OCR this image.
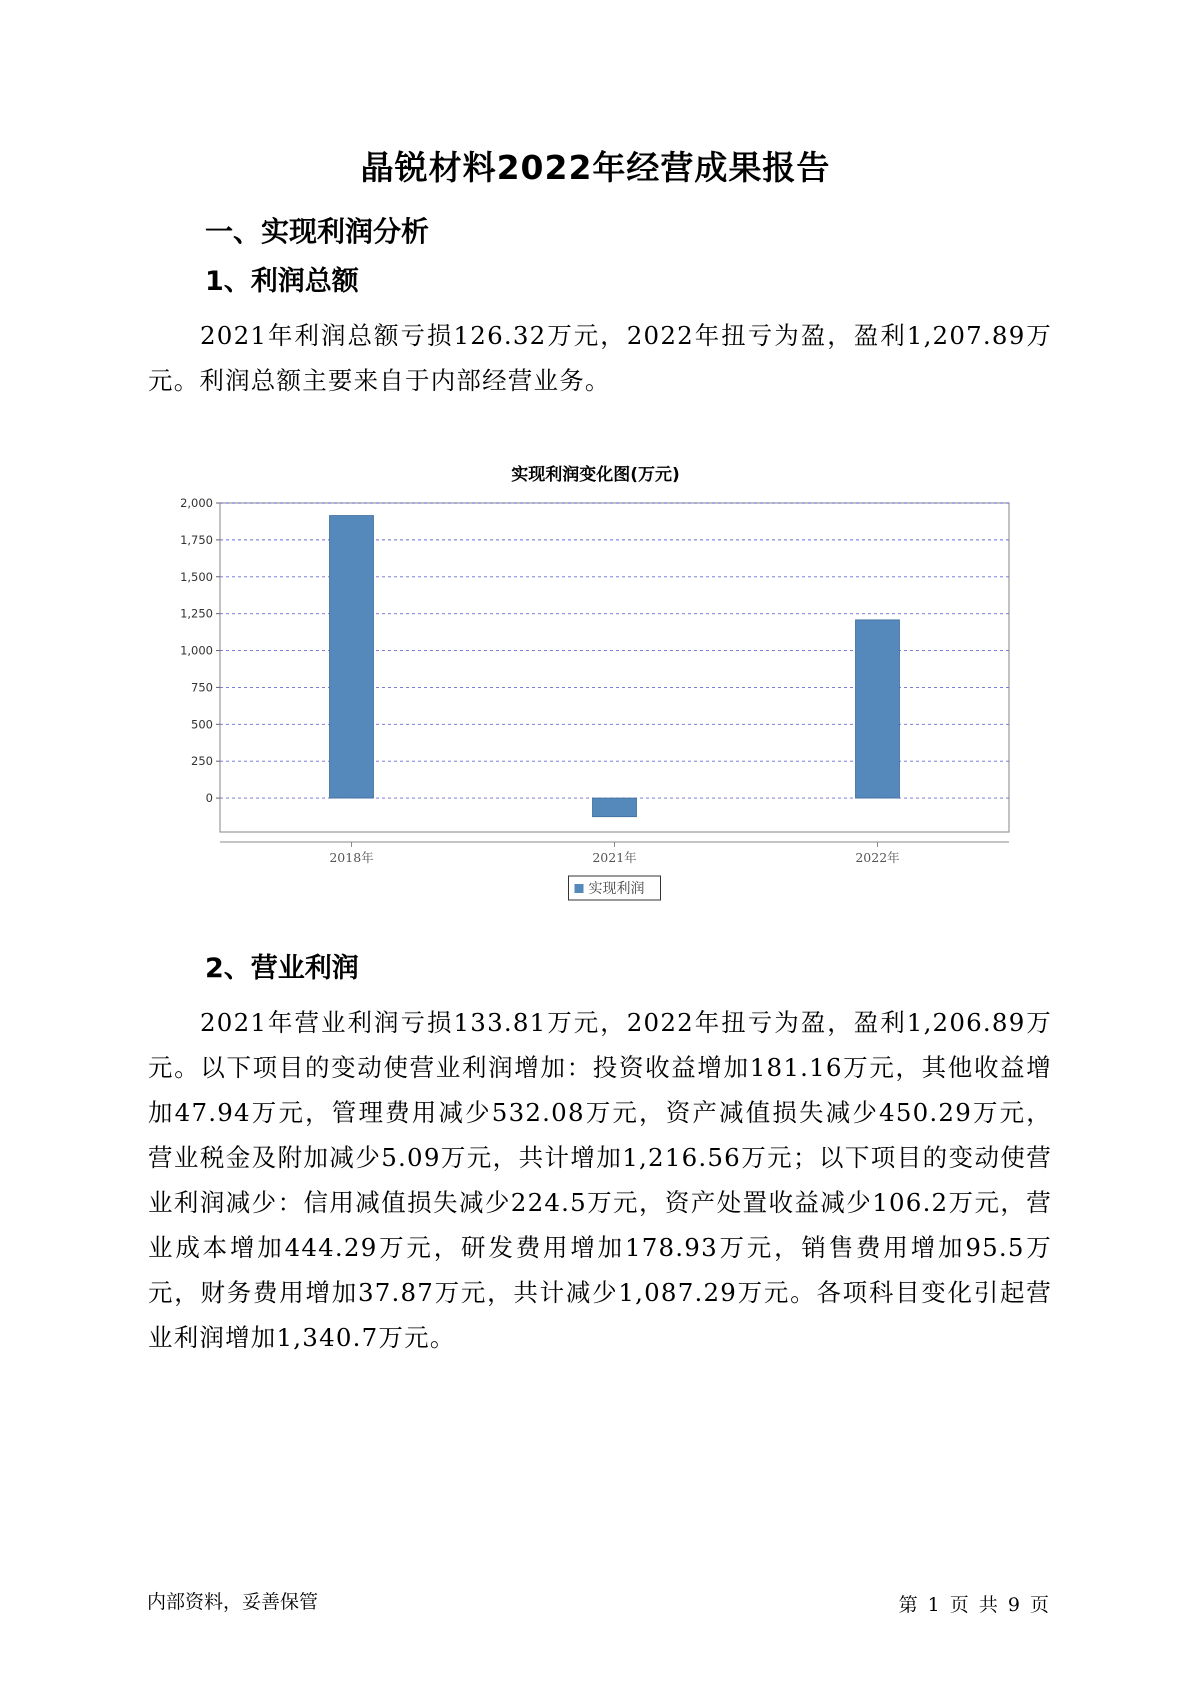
晶锐材料2022年经营成果报告
一、实现利润分析
1、利润总额
2021年利润总额亏损126.32万元，2022年扭亏为盈，盈利1,207.89万元。利润总额主要来自于内部经营业务。
实现利润变化图(万元)
0
250
500
750
1,000
1,250
1,500
1,750
2,000
2018年	2021年	2022年
实现利润
2、营业利润
2021年营业利润亏损133.81万元，2022年扭亏为盈，盈利1,206.89万元。以下项目的变动使营业利润增加：投资收益增加181.16万元，其他收益增加47.94万元，管理费用减少532.08万元，资产减值损失减少450.29万元，营业税金及附加减少5.09万元，共计增加1,216.56万元；以下项目的变动使营业利润减少：信用减值损失减少224.5万元，资产处置收益减少106.2万元，营业成本增加444.29万元，研发费用增加178.93万元，销售费用增加95.5万元，财务费用增加37.87万元，共计减少1,087.29万元。各项科目变化引起营业利润增加1,340.7万元。
内部资料，妥善保管	第 1 页 共 9 页
